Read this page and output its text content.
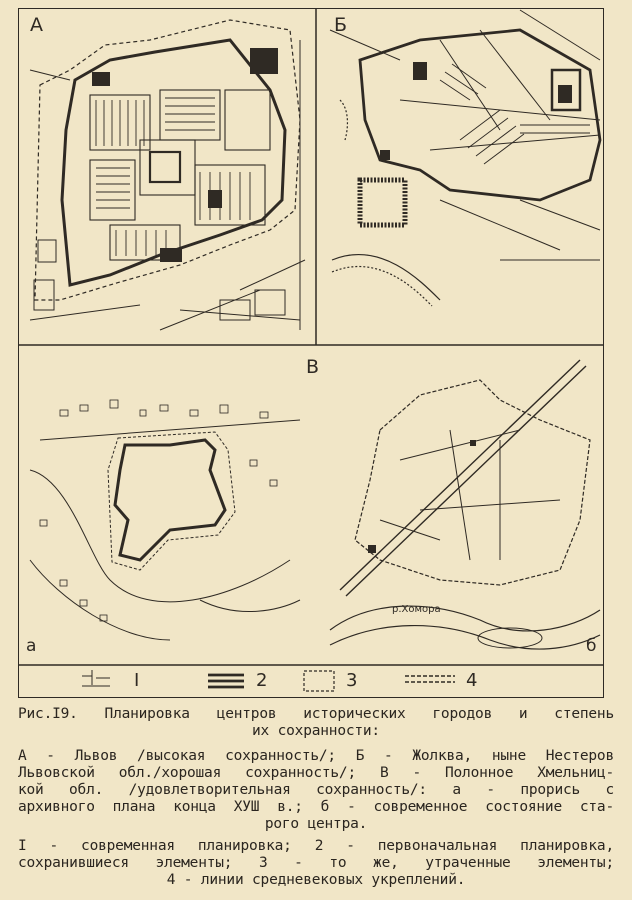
р.Хомора
А	Б
В
а	б
I	2	3	4

Рис.I9. Планировка центров исторических городов и степень

их сохранности:

А - Львов /высокая сохранность/; Б - Жолква, ныне Нестеров

Львовской обл./хорошая сохранность/; В - Полонное Хмельниц-

кой обл. /удовлетворительная сохранность/: а - прорись с

архивного плана конца ХУШ в.; б - современное состояние ста-

рого центра.

I - современная планировка; 2 - первоначальная планировка,

сохранившиеся элементы; 3 - то же, утраченные элементы;

4 - линии средневековых укреплений.
